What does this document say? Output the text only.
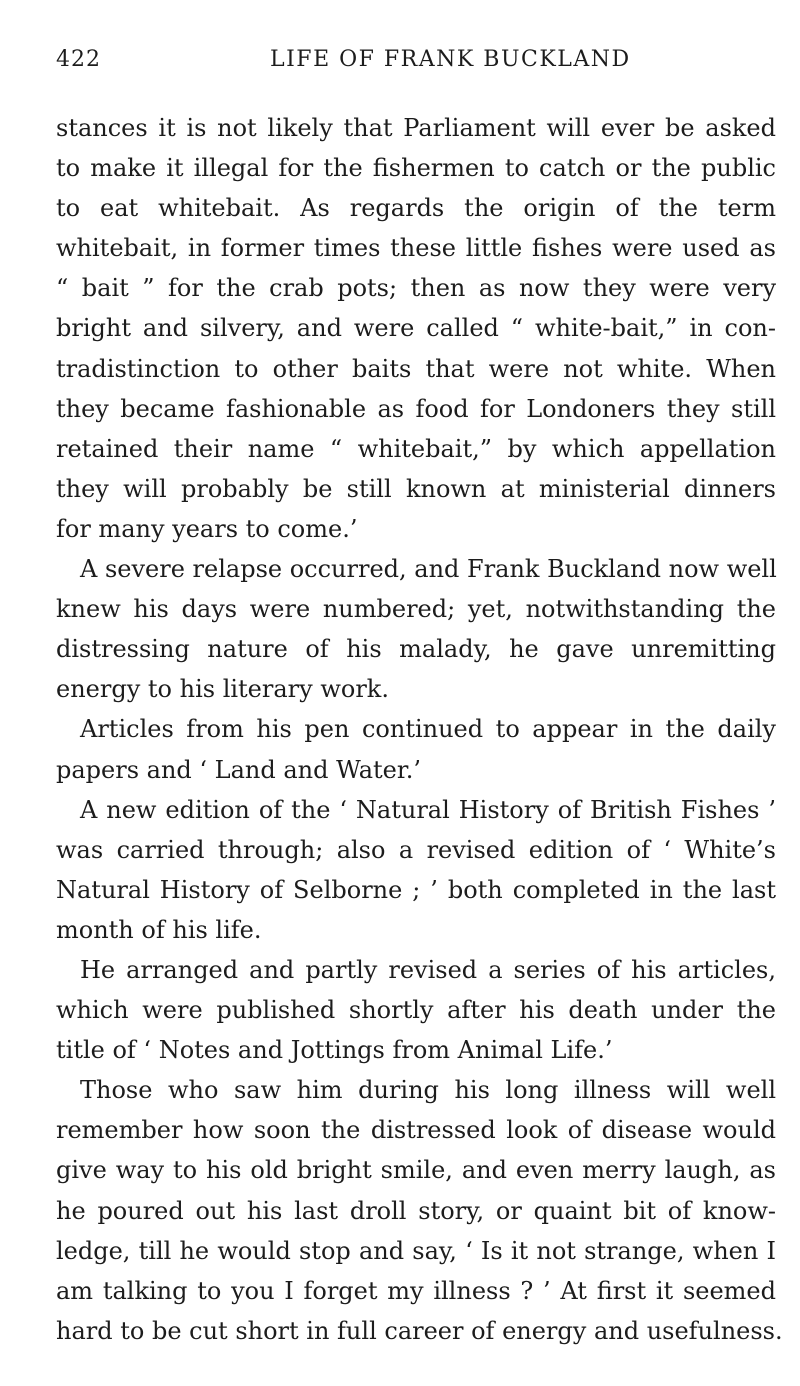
422	LIFE OF FRANK BUCKLAND
stances it is not likely that Parliament will ever be asked
to make it illegal for the fishermen to catch or the public
to eat whitebait. As regards the origin of the term
whitebait, in former times these little fishes were used as
“ bait ” for the crab pots; then as now they were very
bright and silvery, and were called “ white-bait,” in con-
tradistinction to other baits that were not white. When
they became fashionable as food for Londoners they still
retained their name “ whitebait,” by which appellation
they will probably be still known at ministerial dinners
for many years to come.’
A severe relapse occurred, and Frank Buckland now well
knew his days were numbered; yet, notwithstanding the
distressing nature of his malady, he gave unremitting
energy to his literary work.
Articles from his pen continued to appear in the daily
papers and ‘ Land and Water.’
A new edition of the ‘ Natural History of British Fishes ’
was carried through; also a revised edition of ‘ White’s
Natural History of Selborne ; ’ both completed in the last
month of his life.
He arranged and partly revised a series of his articles,
which were published shortly after his death under the
title of ‘ Notes and Jottings from Animal Life.’
Those who saw him during his long illness will well
remember how soon the distressed look of disease would
give way to his old bright smile, and even merry laugh, as
he poured out his last droll story, or quaint bit of know-
ledge, till he would stop and say, ‘ Is it not strange, when I
am talking to you I forget my illness ? ’ At first it seemed
hard to be cut short in full career of energy and usefulness.
